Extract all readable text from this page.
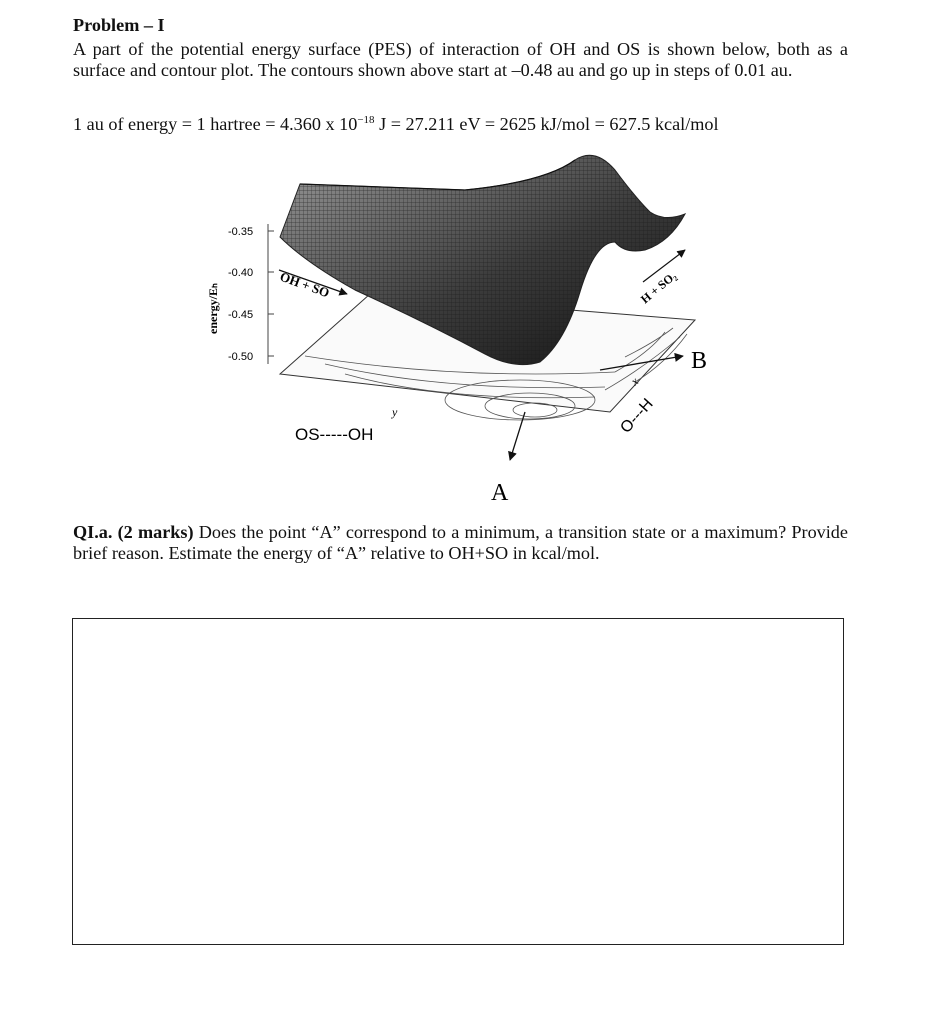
Problem – I
A part of the potential energy surface (PES) of interaction of OH and OS is shown below, both as a surface and contour plot. The contours shown above start at –0.48 au and go up in steps of 0.01 au.
1 au of energy = 1 hartree = 4.360 x $10^{-18}$ J = 27.211 eV = 2625 kJ/mol = 627.5 kcal/mol
-0.35
-0.40
-0.45
-0.50
energy/Eₕ	OH + SO	H + SO₂
y
OS-----OH
x
O---H
A
B
QI.a. (2 marks) Does the point “A” correspond to a minimum, a transition state or a maximum? Provide brief reason. Estimate the energy of “A” relative to OH+SO in kcal/mol.
